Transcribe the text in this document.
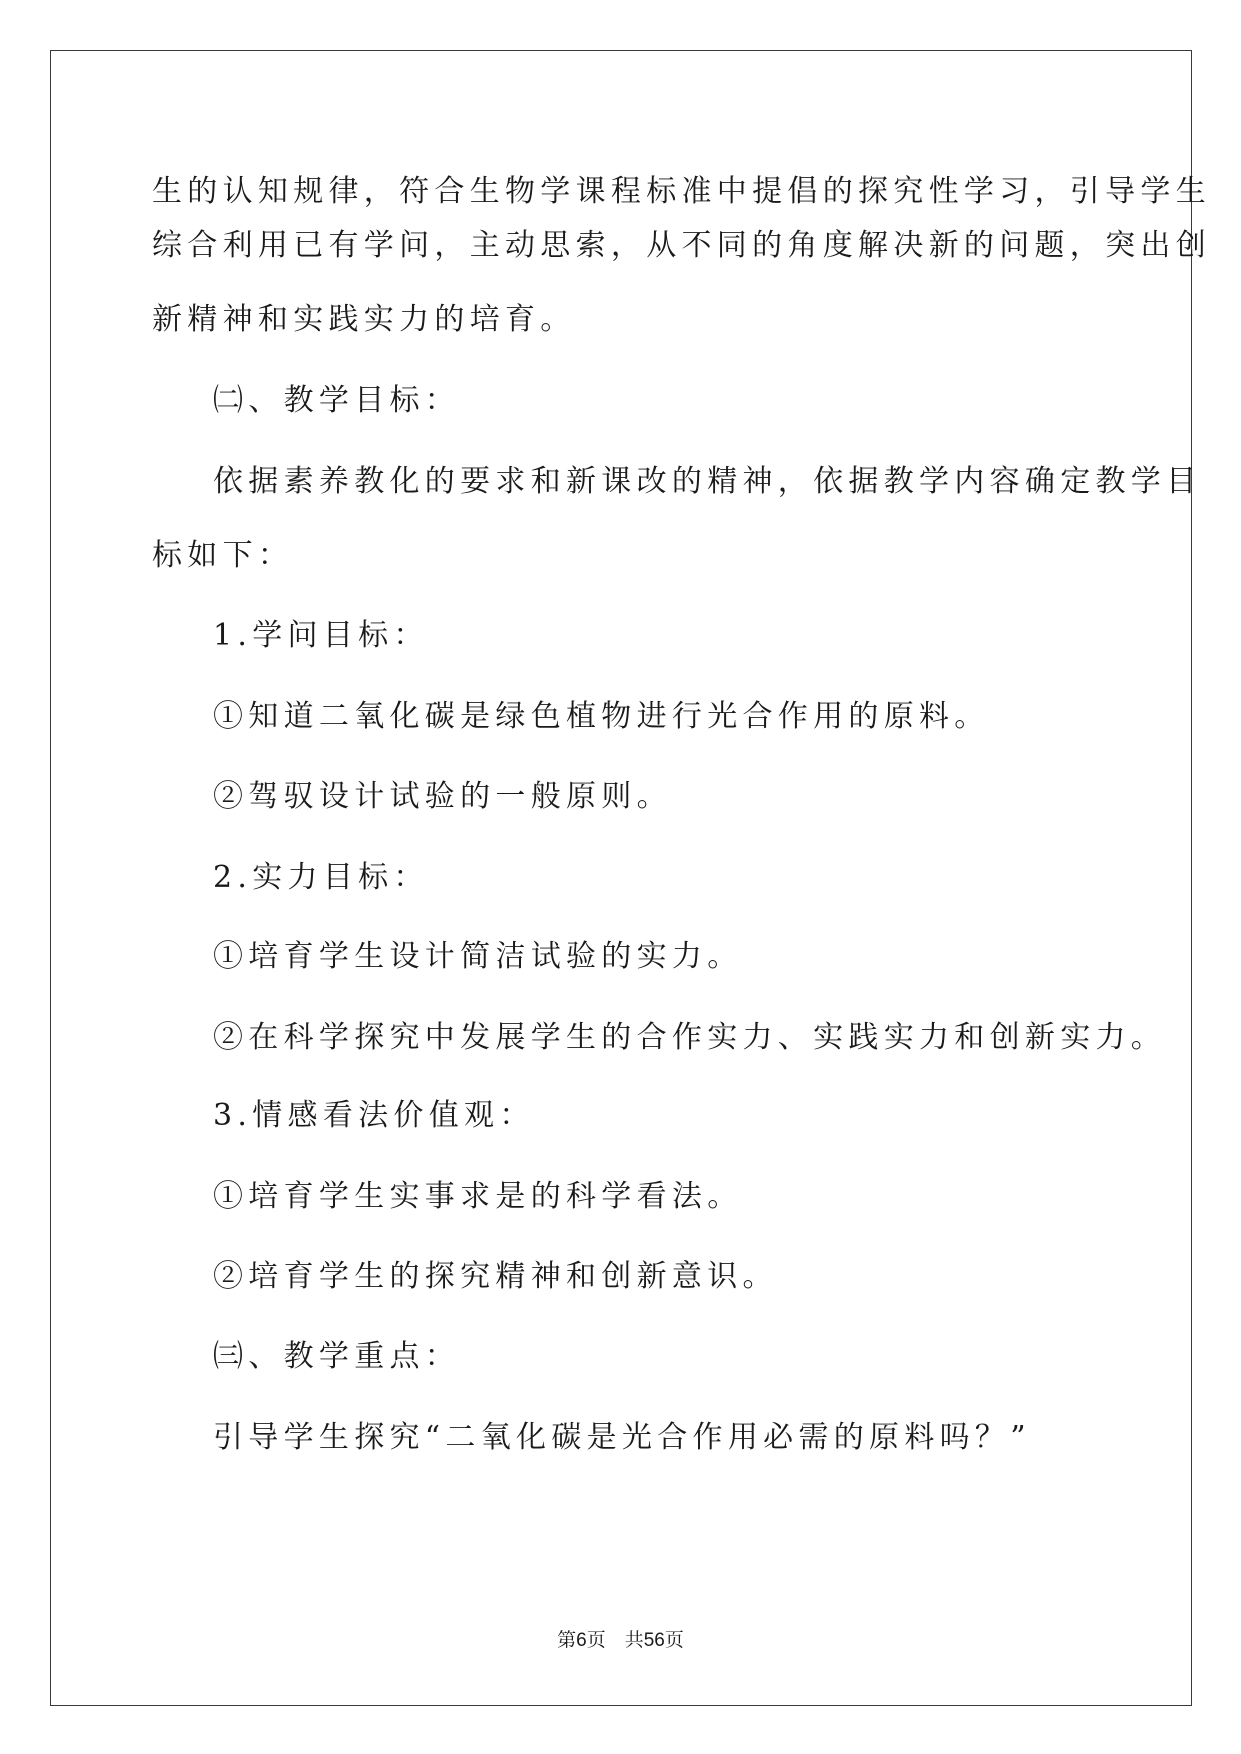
生的认知规律，符合生物学课程标准中提倡的探究性学习，引导学生
综合利用已有学问，主动思索，从不同的角度解决新的问题，突出创
新精神和实践实力的培育。
㈡、教学目标：
依据素养教化的要求和新课改的精神，依据教学内容确定教学目
标如下：
1.学问目标：
①知道二氧化碳是绿色植物进行光合作用的原料。
②驾驭设计试验的一般原则。
2.实力目标：
①培育学生设计简洁试验的实力。
②在科学探究中发展学生的合作实力、实践实力和创新实力。
3.情感看法价值观：
①培育学生实事求是的科学看法。
②培育学生的探究精神和创新意识。
㈢、教学重点：
引导学生探究“二氧化碳是光合作用必需的原料吗？”
第6页　共56页
